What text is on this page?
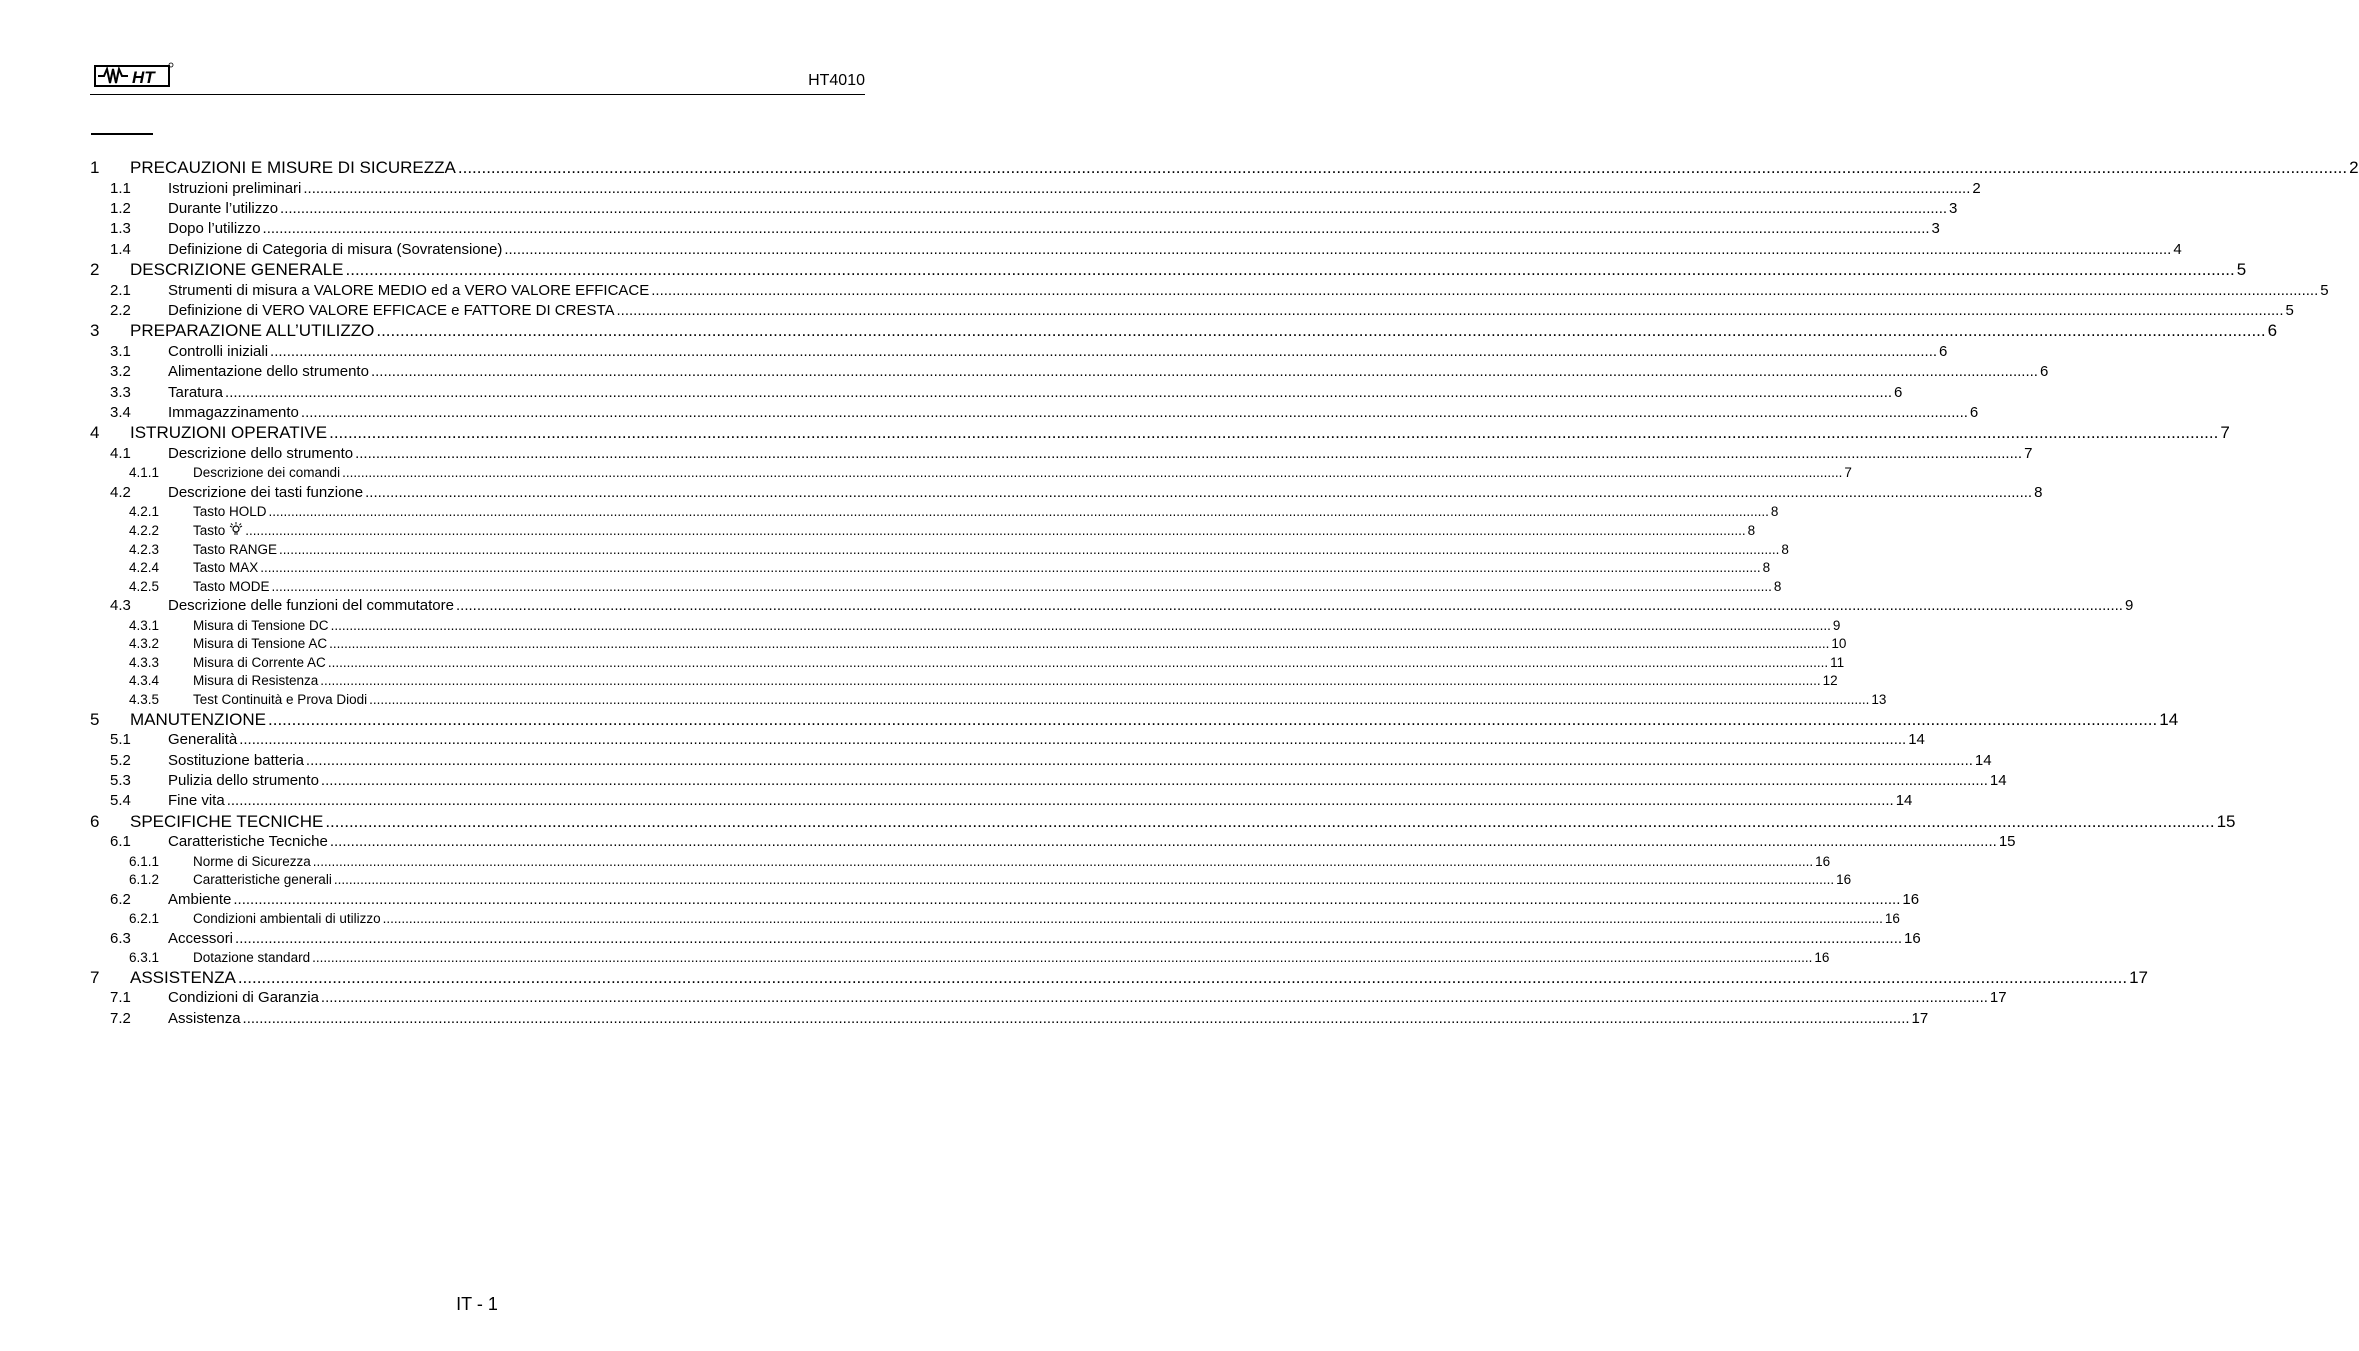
HT	HT4010
1	PRECAUZIONI E MISURE DI SICUREZZA ................................................................................................................................................................................................................................................................................................................................................................................................................ 2
1.1	Istruzioni preliminari ................................................................................................................................................................................................................................................................................................................................................................................................................ 2
1.2	Durante l’utilizzo ................................................................................................................................................................................................................................................................................................................................................................................................................ 3
1.3	Dopo l’utilizzo ................................................................................................................................................................................................................................................................................................................................................................................................................ 3
1.4	Definizione di Categoria di misura (Sovratensione) ................................................................................................................................................................................................................................................................................................................................................................................................................ 4
2	DESCRIZIONE GENERALE ................................................................................................................................................................................................................................................................................................................................................................................................................ 5
2.1	Strumenti di misura a VALORE MEDIO ed a VERO VALORE EFFICACE ................................................................................................................................................................................................................................................................................................................................................................................................................ 5
2.2	Definizione di VERO VALORE EFFICACE e FATTORE DI CRESTA ................................................................................................................................................................................................................................................................................................................................................................................................................ 5
3	PREPARAZIONE ALL’UTILIZZO ................................................................................................................................................................................................................................................................................................................................................................................................................ 6
3.1	Controlli iniziali ................................................................................................................................................................................................................................................................................................................................................................................................................ 6
3.2	Alimentazione dello strumento ................................................................................................................................................................................................................................................................................................................................................................................................................ 6
3.3	Taratura ................................................................................................................................................................................................................................................................................................................................................................................................................ 6
3.4	Immagazzinamento ................................................................................................................................................................................................................................................................................................................................................................................................................ 6
4	ISTRUZIONI OPERATIVE ................................................................................................................................................................................................................................................................................................................................................................................................................ 7
4.1	Descrizione dello strumento ................................................................................................................................................................................................................................................................................................................................................................................................................ 7
4.1.1	Descrizione dei comandi ................................................................................................................................................................................................................................................................................................................................................................................................................ 7
4.2	Descrizione dei tasti funzione ................................................................................................................................................................................................................................................................................................................................................................................................................ 8
4.2.1	Tasto HOLD ................................................................................................................................................................................................................................................................................................................................................................................................................ 8
4.2.2	Tasto	................................................................................................................................................................................................................................................................................................................................................................................................................ 8
4.2.3	Tasto RANGE ................................................................................................................................................................................................................................................................................................................................................................................................................ 8
4.2.4	Tasto MAX ................................................................................................................................................................................................................................................................................................................................................................................................................ 8
4.2.5	Tasto MODE ................................................................................................................................................................................................................................................................................................................................................................................................................ 8
4.3	Descrizione delle funzioni del commutatore ................................................................................................................................................................................................................................................................................................................................................................................................................ 9
4.3.1	Misura di Tensione DC ................................................................................................................................................................................................................................................................................................................................................................................................................ 9
4.3.2	Misura di Tensione AC ................................................................................................................................................................................................................................................................................................................................................................................................................ 10
4.3.3	Misura di Corrente AC ................................................................................................................................................................................................................................................................................................................................................................................................................ 11
4.3.4	Misura di Resistenza ................................................................................................................................................................................................................................................................................................................................................................................................................ 12
4.3.5	Test Continuità e Prova Diodi ................................................................................................................................................................................................................................................................................................................................................................................................................ 13
5	MANUTENZIONE ................................................................................................................................................................................................................................................................................................................................................................................................................ 14
5.1	Generalità ................................................................................................................................................................................................................................................................................................................................................................................................................ 14
5.2	Sostituzione batteria ................................................................................................................................................................................................................................................................................................................................................................................................................ 14
5.3	Pulizia dello strumento ................................................................................................................................................................................................................................................................................................................................................................................................................ 14
5.4	Fine vita ................................................................................................................................................................................................................................................................................................................................................................................................................ 14
6	SPECIFICHE TECNICHE ................................................................................................................................................................................................................................................................................................................................................................................................................ 15
6.1	Caratteristiche Tecniche ................................................................................................................................................................................................................................................................................................................................................................................................................ 15
6.1.1	Norme di Sicurezza ................................................................................................................................................................................................................................................................................................................................................................................................................ 16
6.1.2	Caratteristiche generali ................................................................................................................................................................................................................................................................................................................................................................................................................ 16
6.2	Ambiente ................................................................................................................................................................................................................................................................................................................................................................................................................ 16
6.2.1	Condizioni ambientali di utilizzo ................................................................................................................................................................................................................................................................................................................................................................................................................ 16
6.3	Accessori ................................................................................................................................................................................................................................................................................................................................................................................................................ 16
6.3.1	Dotazione standard ................................................................................................................................................................................................................................................................................................................................................................................................................ 16
7	ASSISTENZA ................................................................................................................................................................................................................................................................................................................................................................................................................ 17
7.1	Condizioni di Garanzia ................................................................................................................................................................................................................................................................................................................................................................................................................ 17
7.2	Assistenza ................................................................................................................................................................................................................................................................................................................................................................................................................ 17
IT - 1
